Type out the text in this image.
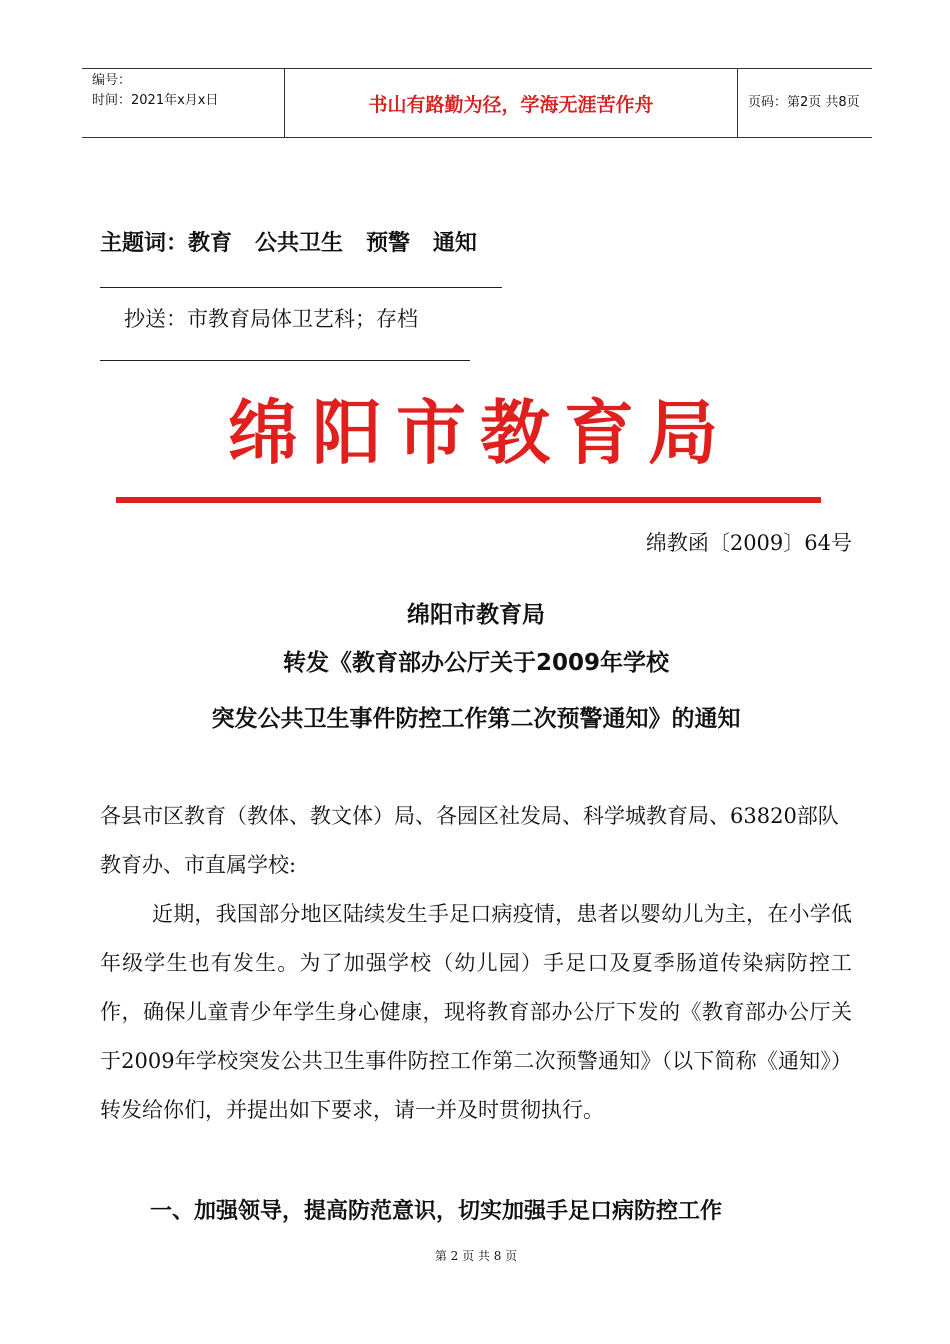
编号：
时间：2021年x月x日	书山有路勤为径，学海无涯苦作舟	页码：第2页 共8页
主题词：教育   公共卫生   预警   通知
抄送：市教育局体卫艺科；存档
绵阳市教育局
绵教函〔2009〕64号
绵阳市教育局
转发《教育部办公厅关于2009年学校
突发公共卫生事件防控工作第二次预警通知》的通知
各县市区教育（教体、教文体）局、各园区社发局、科学城教育局、63820部队教育办、市直属学校:
近期，我国部分地区陆续发生手足口病疫情，患者以婴幼儿为主，在小学低年级学生也有发生。为了加强学校（幼儿园）手足口及夏季肠道传染病防控工作，确保儿童青少年学生身心健康，现将教育部办公厅下发的《教育部办公厅关于2009年学校突发公共卫生事件防控工作第二次预警通知》（以下简称《通知》）转发给你们，并提出如下要求，请一并及时贯彻执行。
一、加强领导，提高防范意识，切实加强手足口病防控工作
第 2 页 共 8 页
